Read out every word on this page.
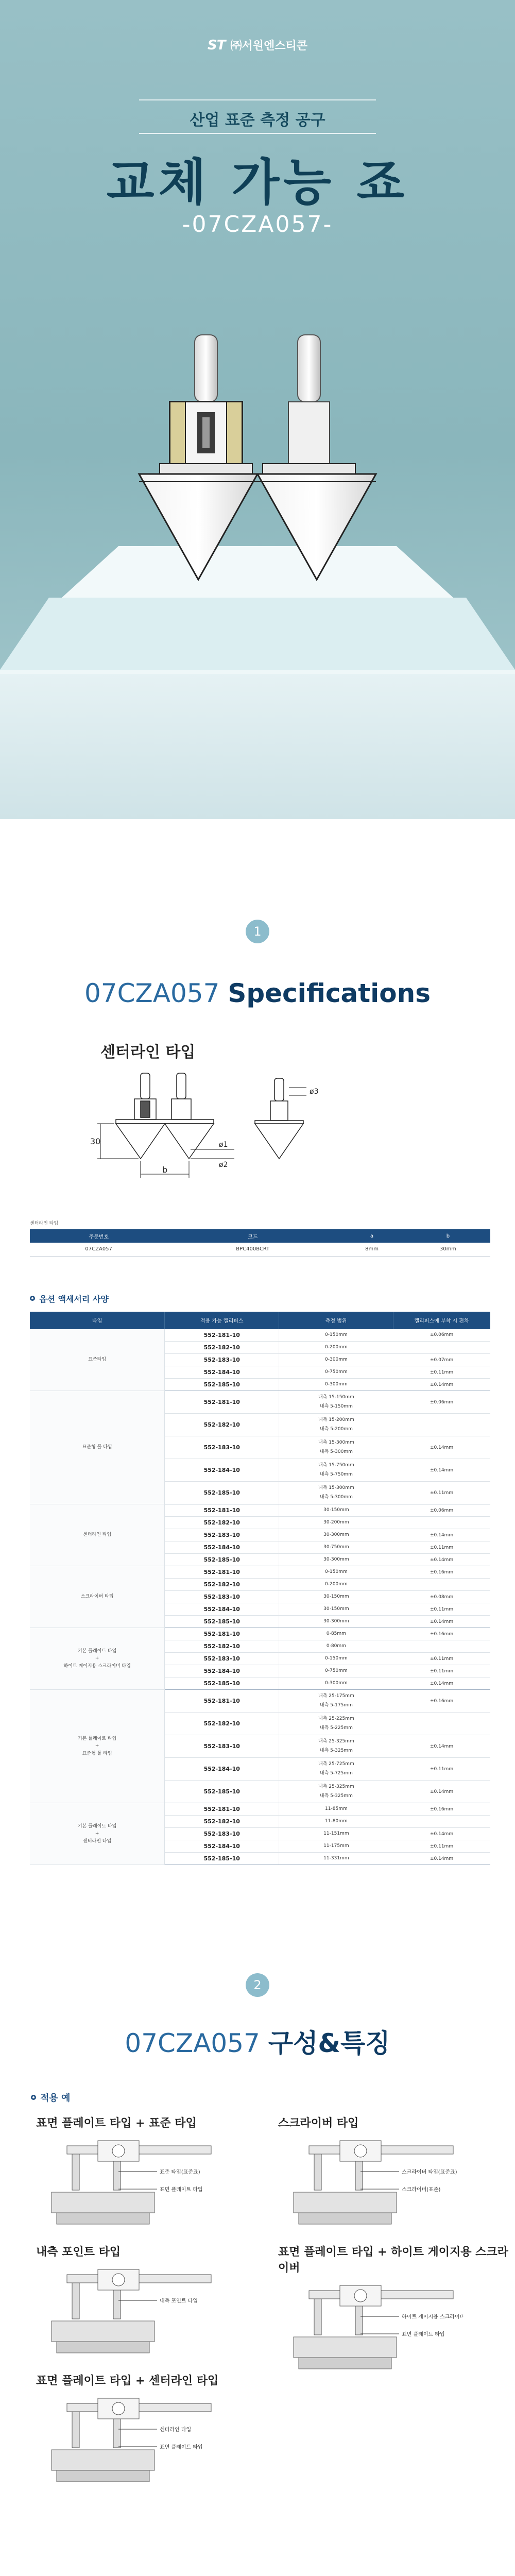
ST ㈜서원엔스티콘
산업 표준 측정 공구
교체 가능 죠
-07CZA057-
1
07CZA057 Specifications
센터라인 타입
30
b
ø1
ø2
ø3
센터라인 타입
주문번호	코드	a	b
07CZA057	BPC400BCRT	8mm	30mm
옵션 액세서리 사양
타입	적용 가능 캘리퍼스	측정 범위	캘리퍼스에 부착 시 편차
표준타입	552-181-10	0-150mm	±0.06mm
	552-182-10	0-200mm	
	552-183-10	0-300mm	±0.07mm
	552-184-10	0-750mm	±0.11mm
	552-185-10	0-300mm	±0.14mm
표준형 폴 타입	552-181-10	내측 15-150mm
내측 5-150mm	±0.06mm
	552-182-10	내측 15-200mm
내측 5-200mm	
	552-183-10	내측 15-300mm
내측 5-300mm	±0.14mm
	552-184-10	내측 15-750mm
내측 5-750mm	±0.14mm
	552-185-10	내측 15-300mm
내측 5-300mm	±0.11mm
센터라인 타입	552-181-10	30-150mm	±0.06mm
	552-182-10	30-200mm	
	552-183-10	30-300mm	±0.14mm
	552-184-10	30-750mm	±0.11mm
	552-185-10	30-300mm	±0.14mm
스크라이버 타입	552-181-10	0-150mm	±0.16mm
	552-182-10	0-200mm	
	552-183-10	30-150mm	±0.08mm
	552-184-10	30-150mm	±0.11mm
	552-185-10	30-300mm	±0.14mm
기본 플레이트 타입
+
하이트 게이지용 스크라이버 타입	552-181-10	0-85mm	±0.16mm
	552-182-10	0-80mm	
	552-183-10	0-150mm	±0.11mm
	552-184-10	0-750mm	±0.11mm
	552-185-10	0-300mm	±0.14mm
기본 플레이트 타입
+
표준형 폴 타입	552-181-10	내측 25-175mm
내측 5-175mm	±0.16mm
	552-182-10	내측 25-225mm
내측 5-225mm	
	552-183-10	내측 25-325mm
내측 5-325mm	±0.14mm
	552-184-10	내측 25-725mm
내측 5-725mm	±0.11mm
	552-185-10	내측 25-325mm
내측 5-325mm	±0.14mm
기본 플레이트 타입
+
센터라인 타입	552-181-10	11-85mm	±0.16mm
	552-182-10	11-80mm	
	552-183-10	11-151mm	±0.14mm
	552-184-10	11-175mm	±0.11mm
	552-185-10	11-331mm	±0.14mm
2
07CZA057 구성&특징
적용 예
표면 플레이트 타입 + 표준 타입
표준 타입(표준죠)
표면 플레이트 타입
스크라이버 타입
스크라이버 타입(표준죠)
스크라이버(표준)
내측 포인트 타입
내측 포인트 타입
표면 플레이트 타입 + 하이트 게이지용 스크라이버
하이트 게이지용 스크라이버
표면 플레이트 타입
표면 플레이트 타입 + 센터라인 타입
센터라인 타입
표면 플레이트 타입
